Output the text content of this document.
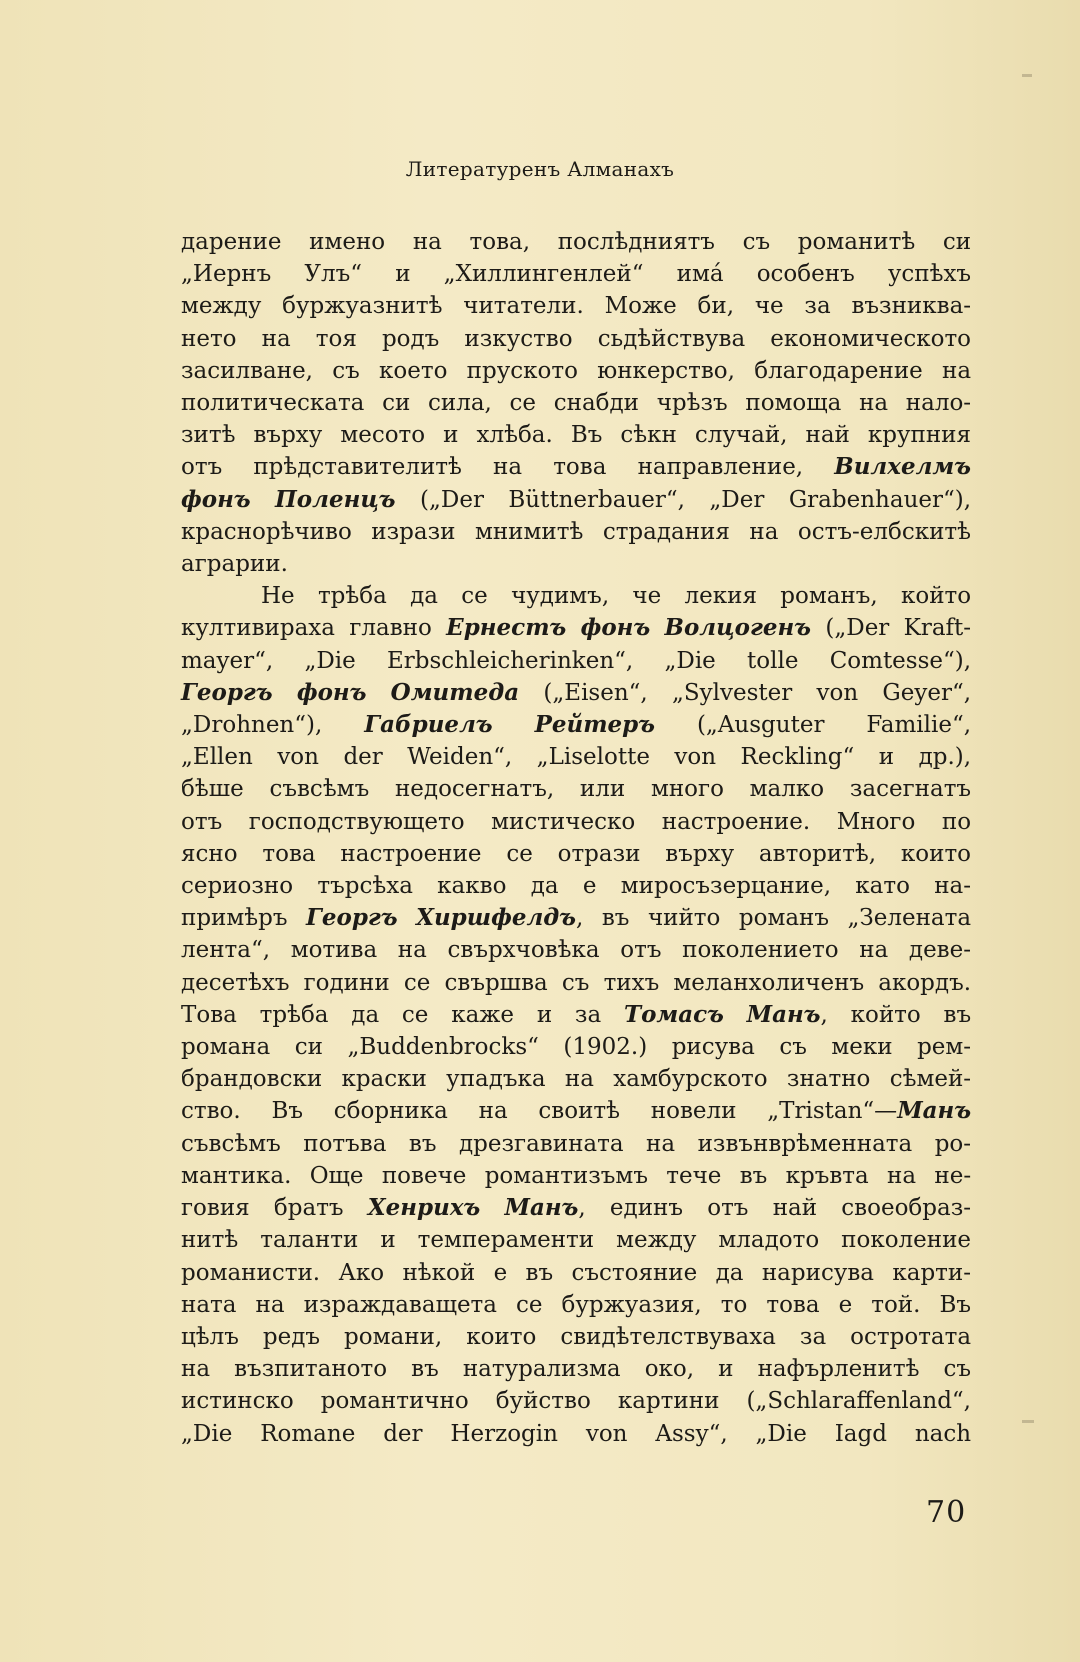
Литературенъ Алманахъ
дарение имено на това, послѣдниятъ съ романитѣ си
„Иернъ Улъ“ и „Хиллингенлей“ има́ особенъ успѣхъ
между буржуазнитѣ читатели. Може би, че за възниква-
нето на тоя родъ изкуство сьдѣйствува економическото
засилване, съ което пруското юнкерство, благодарение на
политическата си сила, се снабди чрѣзъ помоща на нало-
зитѣ върху месото и хлѣба. Въ сѣкн случай, най крупния
отъ прѣдставителитѣ на това направление, Вилхелмъ
фонъ Поленцъ („Der Büttnerbauer“, „Der Grabenhauer“),
краснорѣчиво изрази мнимитѣ страдания на остъ-елбскитѣ
аграрии.
Не трѣба да се чудимъ, че лекия романъ, който
култивираха главно Ернестъ фонъ Волцогенъ („Der Kraft-
mayer“, „Die Erbschleicherinken“, „Die tolle Comtesse“),
Георгъ фонъ Омитеда („Eisen“, „Sylvester von Geyer“,
„Drohnen“), Габриелъ Рейтеръ („Ausguter Familie“,
„Ellen von der Weiden“, „Liselotte von Reckling“ и др.),
бѣше съвсѣмъ недосегнатъ, или много малко засегнатъ
отъ господствующето мистическо настроение. Много по
ясно това настроение се отрази върху авторитѣ, които
сериозно търсѣха какво да е миросъзерцание, като на-
примѣръ Георгъ Хиршфелдъ, въ чийто романъ „Зелената
лента“, мотива на свърхчовѣка отъ поколението на деве-
десетѣхъ години се свършва съ тихъ меланхоличенъ акордъ.
Това трѣба да се каже и за Томасъ Манъ, който въ
романа си „Buddenbrocks“ (1902.) рисува съ меки рем-
брандовски краски упадъка на хамбурското знатно сѣмей-
ство. Въ сборника на своитѣ новели „Tristan“—Манъ
съвсѣмъ потъва въ дрезгавината на извънврѣменната ро-
мантика. Още повече романтизъмъ тече въ кръвта на не-
говия братъ Хенрихъ Манъ, единъ отъ най своеобраз-
нитѣ таланти и темпераменти между младото поколение
романисти. Ако нѣкой е въ състояние да нарисува карти-
ната на израждаващета се буржуазия, то това е той. Въ
цѣлъ редъ романи, които свидѣтелствуваха за остротата
на възпитаното въ натурализма око, и нафърленитѣ съ
истинско романтично буйство картини („Schlaraffenland“,
„Die Romane der Herzogin von Assy“, „Die Iagd nach
70
